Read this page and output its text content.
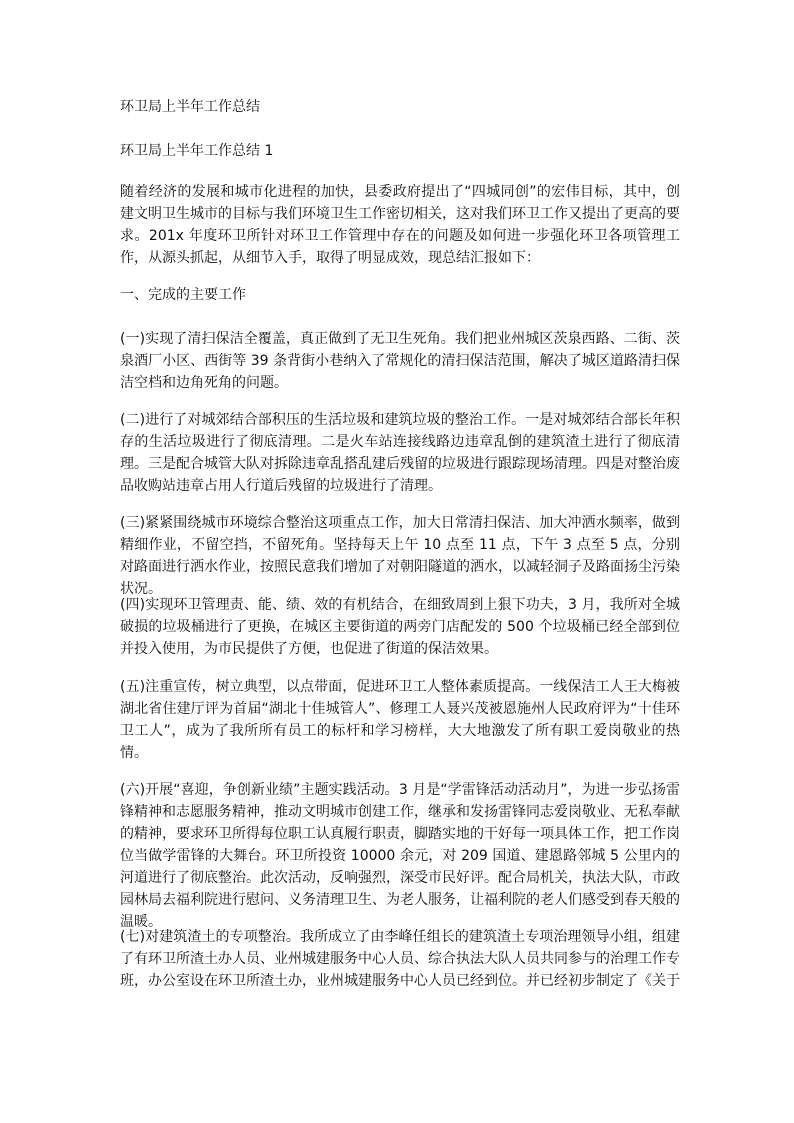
环卫局上半年工作总结
环卫局上半年工作总结 1

随着经济的发展和城市化进程的加快，县委政府提出了“四城同创”的宏伟目标，其中，创建文明卫生城市的目标与我们环境卫生工作密切相关，这对我们环卫工作又提出了更高的要求。201x 年度环卫所针对环卫工作管理中存在的问题及如何进一步强化环卫各项管理工作，从源头抓起，从细节入手，取得了明显成效，现总结汇报如下：

一、完成的主要工作

(一)实现了清扫保洁全覆盖，真正做到了无卫生死角。我们把业州城区茨泉西路、二街、茨泉酒厂小区、西街等 39 条背街小巷纳入了常规化的清扫保洁范围，解决了城区道路清扫保洁空档和边角死角的问题。

(二)进行了对城郊结合部积压的生活垃圾和建筑垃圾的整治工作。一是对城郊结合部长年积存的生活垃圾进行了彻底清理。二是火车站连接线路边违章乱倒的建筑渣土进行了彻底清理。三是配合城管大队对拆除违章乱搭乱建后残留的垃圾进行跟踪现场清理。四是对整治废品收购站违章占用人行道后残留的垃圾进行了清理。

(三)紧紧围绕城市环境综合整治这项重点工作，加大日常清扫保洁、加大冲洒水频率，做到精细作业，不留空挡，不留死角。坚持每天上午 10 点至 11 点，下午 3 点至 5 点，分别对路面进行洒水作业，按照民意我们增加了对朝阳隧道的洒水，以减轻洞子及路面扬尘污染状况。

(四)实现环卫管理责、能、绩、效的有机结合，在细致周到上狠下功夫，3 月，我所对全城破损的垃圾桶进行了更换，在城区主要街道的两旁门店配发的 500 个垃圾桶已经全部到位并投入使用，为市民提供了方便，也促进了街道的保洁效果。

(五)注重宣传，树立典型，以点带面，促进环卫工人整体素质提高。一线保洁工人王大梅被湖北省住建厅评为首届“湖北十佳城管人”、修理工人聂兴茂被恩施州人民政府评为“十佳环卫工人”，成为了我所所有员工的标杆和学习榜样，大大地激发了所有职工爱岗敬业的热情。

(六)开展“喜迎，争创新业绩”主题实践活动。3 月是“学雷锋活动活动月”，为进一步弘扬雷锋精神和志愿服务精神，推动文明城市创建工作，继承和发扬雷锋同志爱岗敬业、无私奉献的精神，要求环卫所得每位职工认真履行职责，脚踏实地的干好每一项具体工作，把工作岗位当做学雷锋的大舞台。环卫所投资 10000 余元，对 209 国道、建恩路邻城 5 公里内的河道进行了彻底整治。此次活动，反响强烈，深受市民好评。配合局机关，执法大队，市政园林局去福利院进行慰问、义务清理卫生、为老人服务，让福利院的老人们感受到春天般的温暖。

(七)对建筑渣土的专项整治。我所成立了由李峰任组长的建筑渣土专项治理领导小组，组建了有环卫所渣土办人员、业州城建服务中心人员、综合执法大队人员共同参与的治理工作专班，办公室设在环卫所渣土办，业州城建服务中心人员已经到位。并已经初步制定了《关于
